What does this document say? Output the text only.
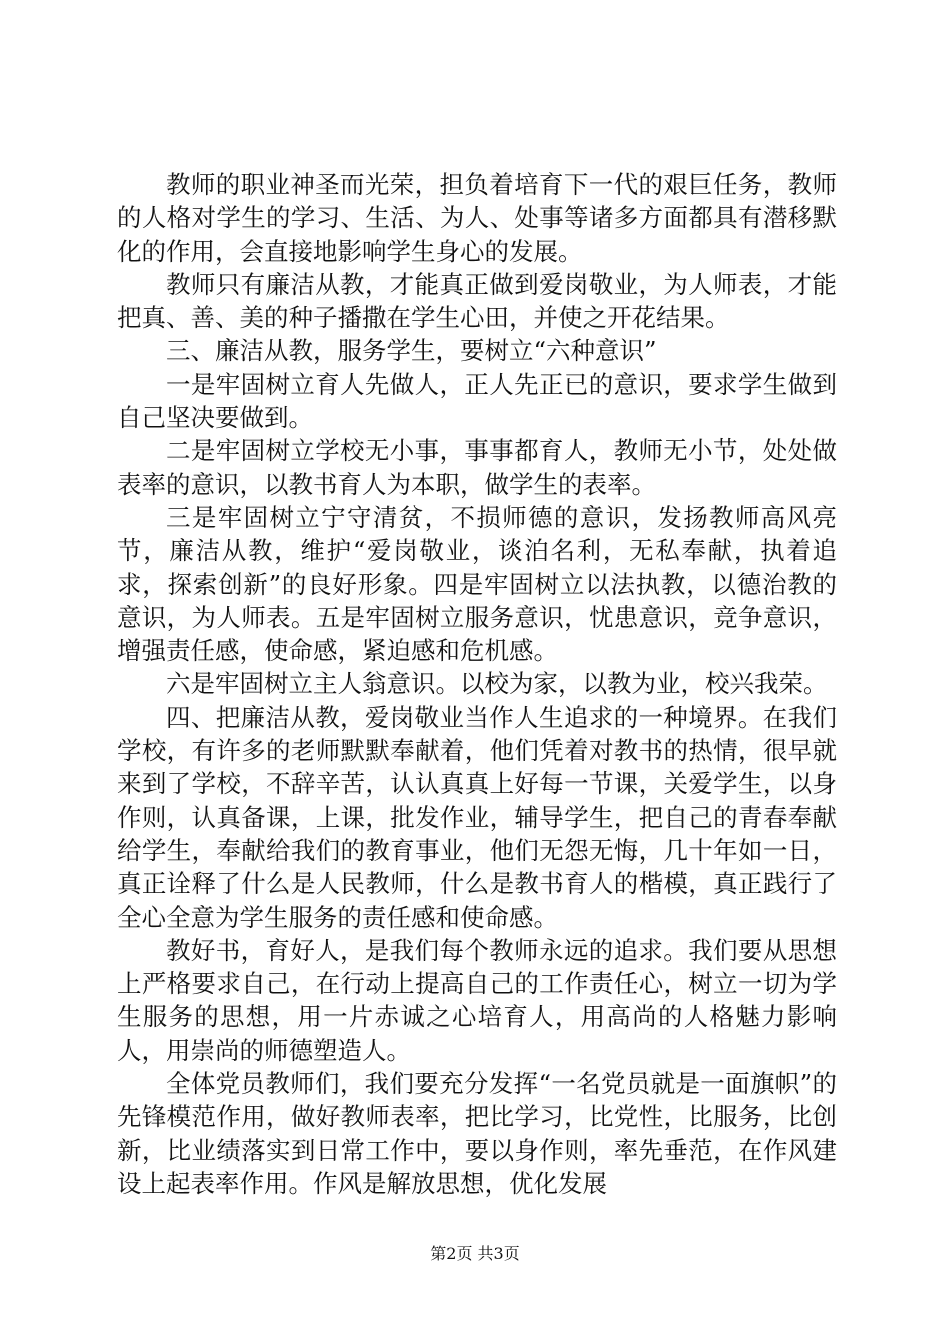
教师的职业神圣而光荣，担负着培育下一代的艰巨任务，教师的人格对学生的学习、生活、为人、处事等诸多方面都具有潜移默化的作用，会直接地影响学生身心的发展。

教师只有廉洁从教，才能真正做到爱岗敬业，为人师表，才能把真、善、美的种子播撒在学生心田，并使之开花结果。

三、廉洁从教，服务学生，要树立“六种意识”

一是牢固树立育人先做人，正人先正已的意识，要求学生做到自己坚决要做到。

二是牢固树立学校无小事，事事都育人，教师无小节，处处做表率的意识，以教书育人为本职，做学生的表率。

三是牢固树立宁守清贫，不损师德的意识，发扬教师高风亮节，廉洁从教，维护“爱岗敬业，谈泊名利，无私奉献，执着追求，探索创新”的良好形象。四是牢固树立以法执教，以德治教的意识，为人师表。五是牢固树立服务意识，忧患意识，竞争意识，增强责任感，使命感，紧迫感和危机感。

六是牢固树立主人翁意识。以校为家，以教为业，校兴我荣。

四、把廉洁从教，爱岗敬业当作人生追求的一种境界。在我们学校，有许多的老师默默奉献着，他们凭着对教书的热情，很早就来到了学校，不辞辛苦，认认真真上好每一节课，关爱学生，以身作则，认真备课，上课，批发作业，辅导学生，把自己的青春奉献给学生，奉献给我们的教育事业，他们无怨无悔，几十年如一日，真正诠释了什么是人民教师，什么是教书育人的楷模，真正践行了全心全意为学生服务的责任感和使命感。

教好书，育好人，是我们每个教师永远的追求。我们要从思想上严格要求自己，在行动上提高自己的工作责任心，树立一切为学生服务的思想，用一片赤诚之心培育人，用高尚的人格魅力影响人，用崇尚的师德塑造人。

全体党员教师们，我们要充分发挥“一名党员就是一面旗帜”的先锋模范作用，做好教师表率，把比学习，比党性，比服务，比创新，比业绩落实到日常工作中，要以身作则，率先垂范，在作风建设上起表率作用。作风是解放思想，优化发展

第2页 共3页
